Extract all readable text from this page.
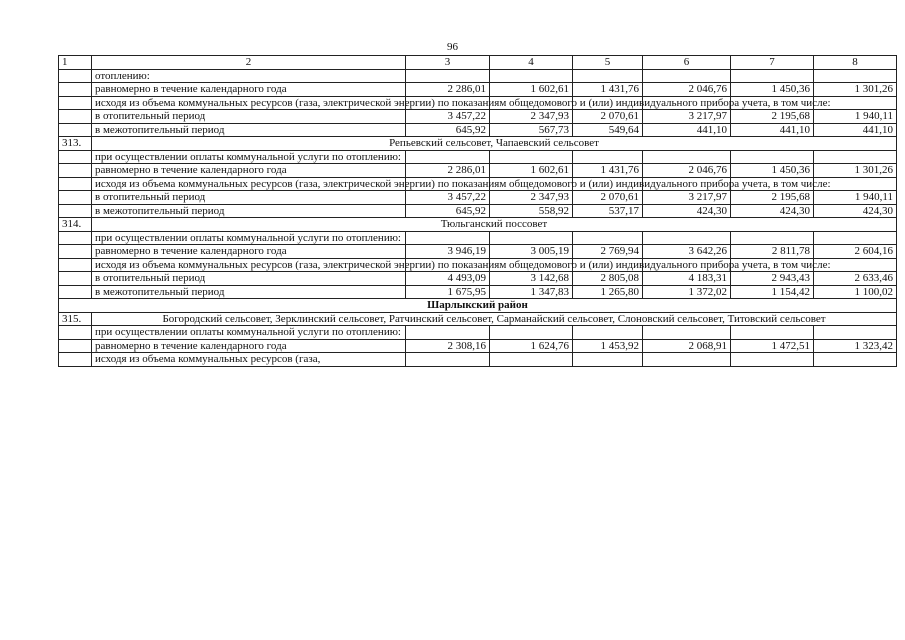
96
1	2	3	4	5	6	7	8
	отоплению:						
	равномерно в течение календарного года	2 286,01	1 602,61	1 431,76	2 046,76	1 450,36	1 301,26
	исходя из объема коммунальных ресурсов (газа, электрической энергии) по показаниям общедомового и (или) индивидуального прибора учета, в том числе:						
	в отопительный период	3 457,22	2 347,93	2 070,61	3 217,97	2 195,68	1 940,11
	в межотопительный период	645,92	567,73	549,64	441,10	441,10	441,10
313.	Репьевский сельсовет, Чапаевский сельсовет						
	при осуществлении оплаты коммунальной услуги по отоплению:						
	равномерно в течение календарного года	2 286,01	1 602,61	1 431,76	2 046,76	1 450,36	1 301,26
	исходя из объема коммунальных ресурсов (газа, электрической энергии) по показаниям общедомового и (или) индивидуального прибора учета, в том числе:						
	в отопительный период	3 457,22	2 347,93	2 070,61	3 217,97	2 195,68	1 940,11
	в межотопительный период	645,92	558,92	537,17	424,30	424,30	424,30
314.	Тюльганский поссовет						
	при осуществлении оплаты коммунальной услуги по отоплению:						
	равномерно в течение календарного года	3 946,19	3 005,19	2 769,94	3 642,26	2 811,78	2 604,16
	исходя из объема коммунальных ресурсов (газа, электрической энергии) по показаниям общедомового и (или) индивидуального прибора учета, в том числе:						
	в отопительный период	4 493,09	3 142,68	2 805,08	4 183,31	2 943,43	2 633,46
	в межотопительный период	1 675,95	1 347,83	1 265,80	1 372,02	1 154,42	1 100,02
Шарлыкский район							
315.	Богородский сельсовет, Зерклинский сельсовет, Ратчинский сельсовет, Сарманайский сельсовет, Слоновский сельсовет, Титовский сельсовет						
	при осуществлении оплаты коммунальной услуги по отоплению:						
	равномерно в течение календарного года	2 308,16	1 624,76	1 453,92	2 068,91	1 472,51	1 323,42
	исходя из объема коммунальных ресурсов (газа,						
